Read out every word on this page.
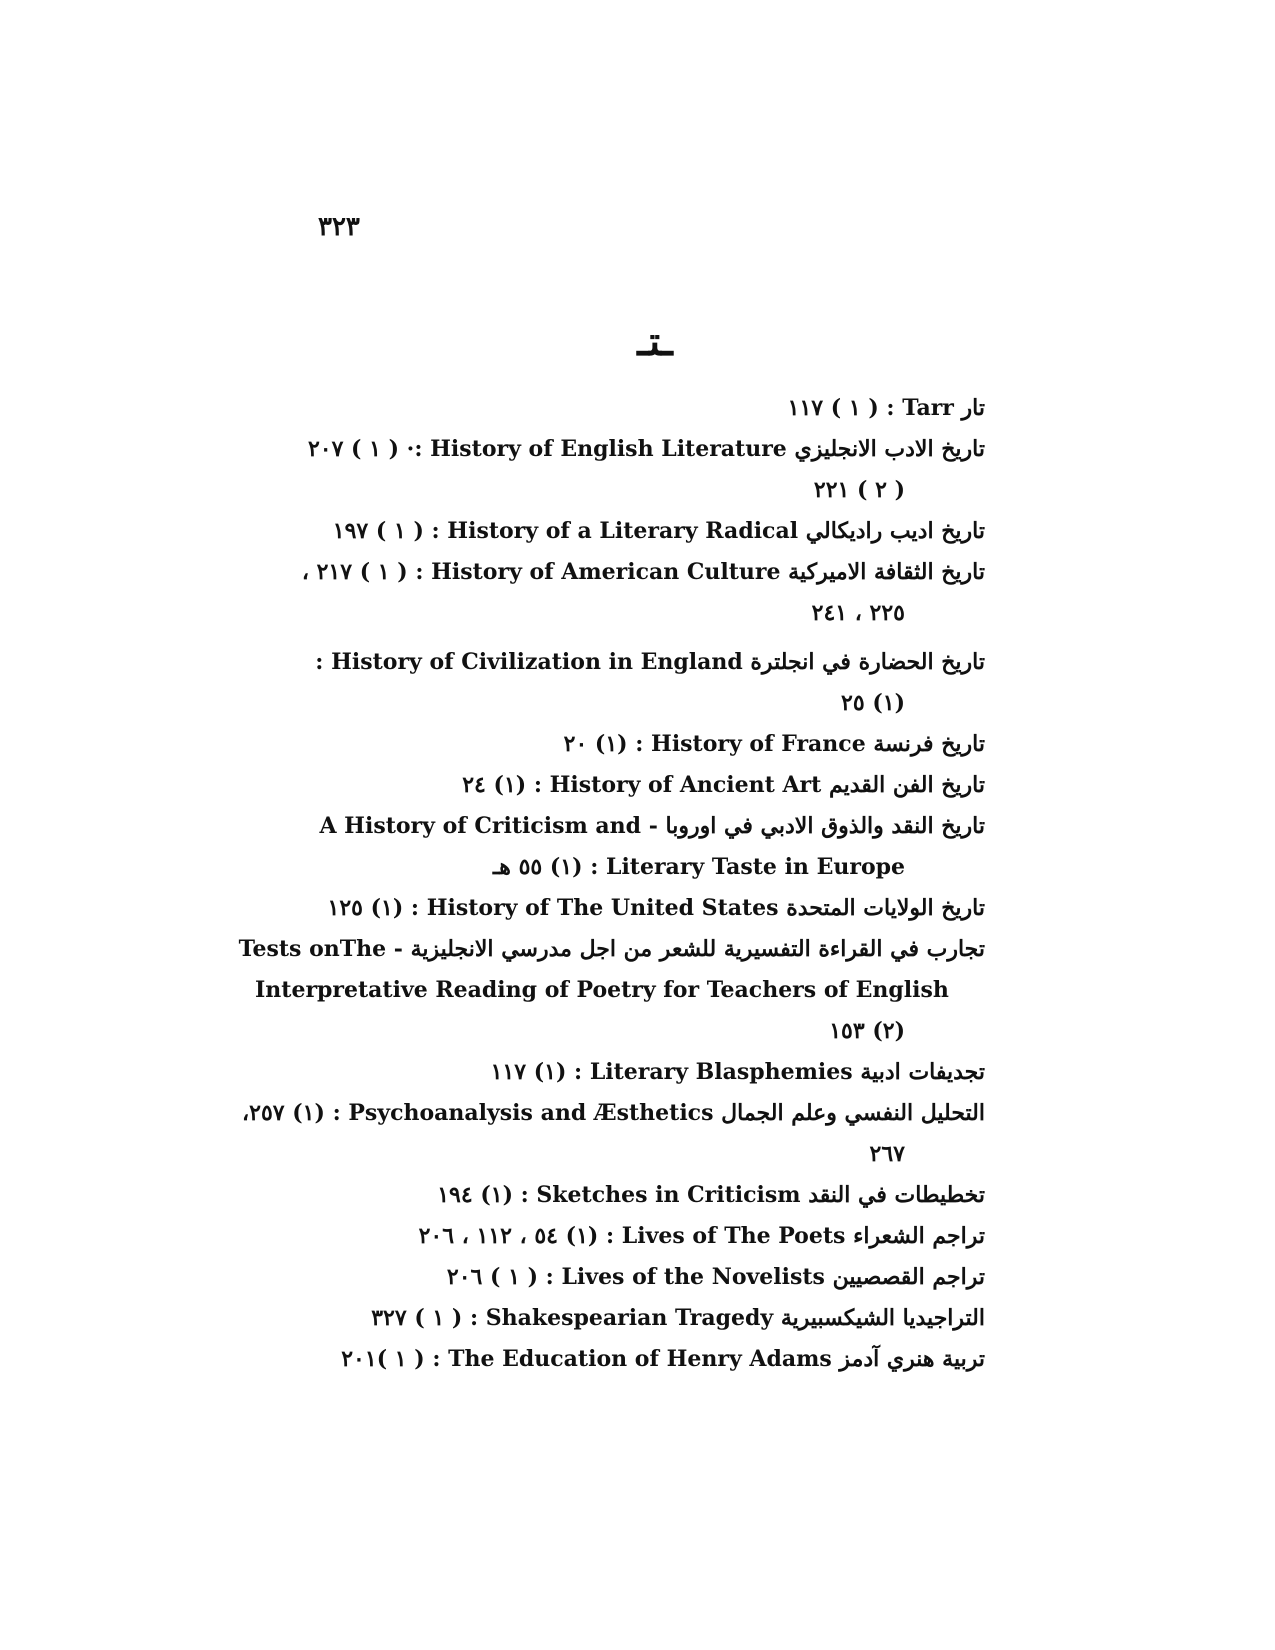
٣٢٣
ـتـ
تار Tarr : ( ١ ) ١١٧
تاريخ الادب الانجليزي History of English Literature :· ( ١ ) ٢٠٧
( ٢ ) ٢٢١
تاريخ اديب راديكالي History of a Literary Radical : ( ١ ) ١٩٧
تاريخ الثقافة الاميركية History of American Culture : ( ١ ) ٢١٧ ،
٢٢٥ ، ٢٤١
تاريخ الحضارة في انجلترة History of Civilization in England :
(١) ٢٥
تاريخ فرنسة History of France : (١) ٢٠
تاريخ الفن القديم History of Ancient Art : (١) ٢٤
تاريخ النقد والذوق الادبي في اوروبا - A History of Criticism and
Literary Taste in Europe : (١) ٥٥ هـ
تاريخ الولايات المتحدة History of The United States : (١) ١٢٥
تجارب في القراءة التفسيرية للشعر من اجل مدرسي الانجليزية - Tests onThe
Interpretative Reading of Poetry for Teachers of English
(٢) ١٥٣
تجديفات ادبية Literary Blasphemies : (١) ١١٧
التحليل النفسي وعلم الجمال Psychoanalysis and Æsthetics : (١) ٢٥٧،
٢٦٧
تخطيطات في النقد Sketches in Criticism : (١) ١٩٤
تراجم الشعراء Lives of The Poets : (١) ٥٤ ، ١١٢ ، ٢٠٦
تراجم القصصيين Lives of the Novelists : ( ١ ) ٢٠٦
التراجيديا الشيكسبيرية Shakespearian Tragedy : ( ١ ) ٣٢٧
تربية هنري آدمز The Education of Henry Adams : ( ١ )٢٠١
